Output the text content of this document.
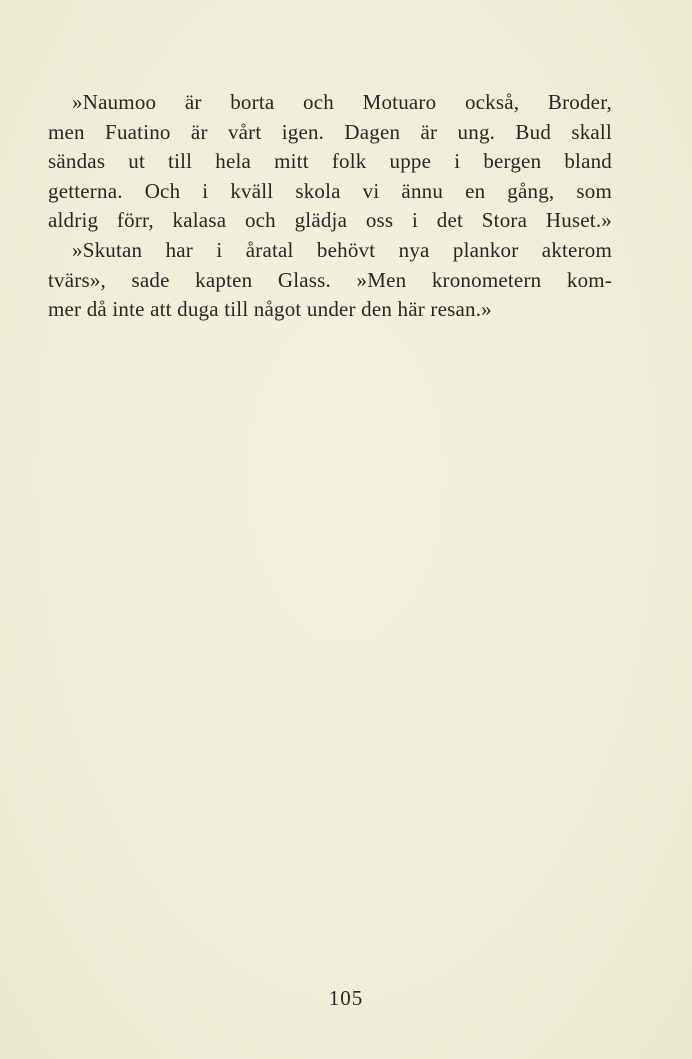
»Naumoo är borta och Motuaro också, Broder,
men Fuatino är vårt igen. Dagen är ung. Bud skall
sändas ut till hela mitt folk uppe i bergen bland
getterna. Och i kväll skola vi ännu en gång, som
aldrig förr, kalasa och glädja oss i det Stora Huset.»
»Skutan har i åratal behövt nya plankor akterom
tvärs», sade kapten Glass. »Men kronometern kom-
mer då inte att duga till något under den här resan.»
105
